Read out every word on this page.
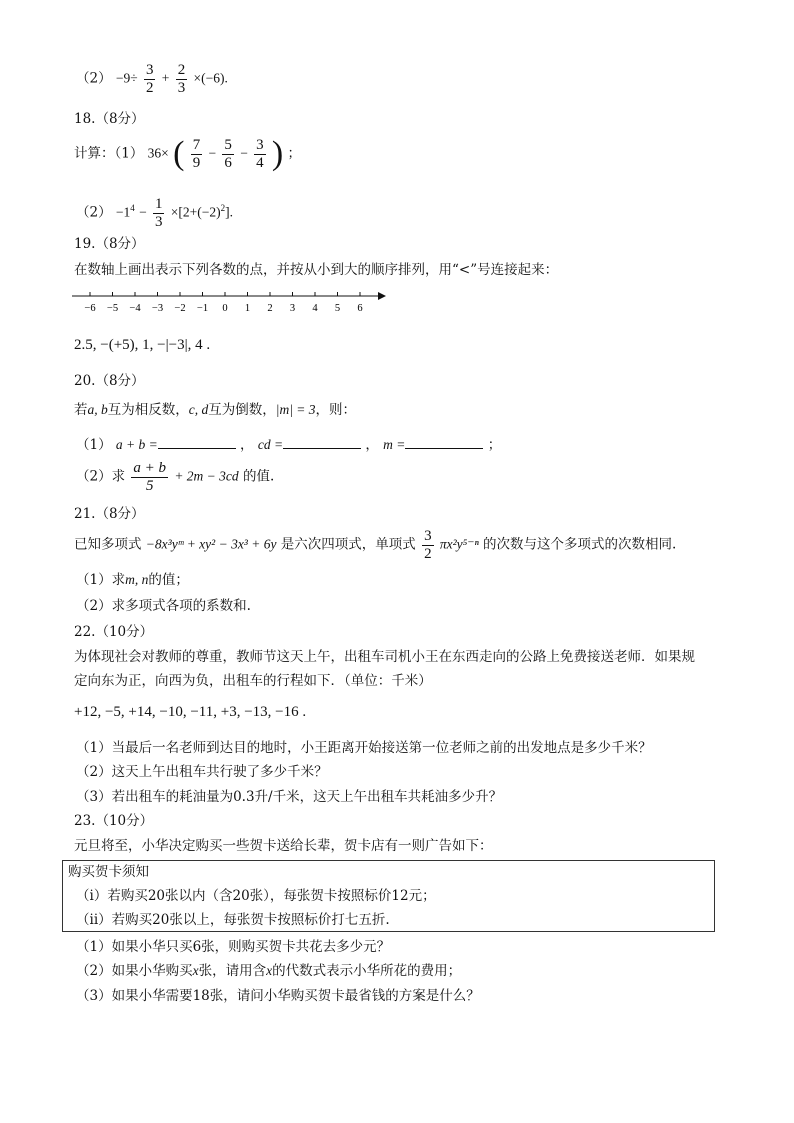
$(2) -9\div \frac{3}{2} + \frac{2}{3} \times(-6)$.
18.（8分）
计算：（1） 36× ( $\frac{7}{9} - \frac{5}{6} - \frac{3}{4}$ ) ；
$(2) -1^4 - \frac{1}{3} \times[2+(-2)^2]$.
19.（8分）
在数轴上画出表示下列各数的点，并按从小到大的顺序排列，用“<”号连接起来：
−6 −5 −4 −3 −2 −1 0 1 2 3 4 5 6
2.5, −(+5), 1, −|−3|, 4 .
20.（8分）
若a, b互为相反数，c, d互为倒数，|m| = 3，则：
（1） a + b =	， cd =	， m =	；
（2）求 $\frac{a + b}{5} + 2m - 3cd$ 的值.
21.（8分）
已知多项式 −8x³yᵐ + xy² − 3x³ + 6y 是六次四项式，单项式 $\frac{3}{2} \pi x^2y^{5-n}$ 的次数与这个多项式的次数相同.
（1）求m, n的值；
（2）求多项式各项的系数和.
22.（10分）
为体现社会对教师的尊重，教师节这天上午，出租车司机小王在东西走向的公路上免费接送老师．如果规
定向东为正，向西为负，出租车的行程如下．（单位：千米）
+12, −5, +14, −10, −11, +3, −13, −16 .
（1）当最后一名老师到达目的地时，小王距离开始接送第一位老师之前的出发地点是多少千米？
（2）这天上午出租车共行驶了多少千米？
（3）若出租车的耗油量为0.3升/千米，这天上午出租车共耗油多少升？
23.（10分）
元旦将至，小华决定购买一些贺卡送给长辈，贺卡店有一则广告如下：
购买贺卡须知
（i）若购买20张以内（含20张），每张贺卡按照标价12元；
（ii）若购买20张以上，每张贺卡按照标价打七五折.
（1）如果小华只买6张，则购买贺卡共花去多少元？
（2）如果小华购买x张，请用含x的代数式表示小华所花的费用；
（3）如果小华需要18张，请问小华购买贺卡最省钱的方案是什么？
